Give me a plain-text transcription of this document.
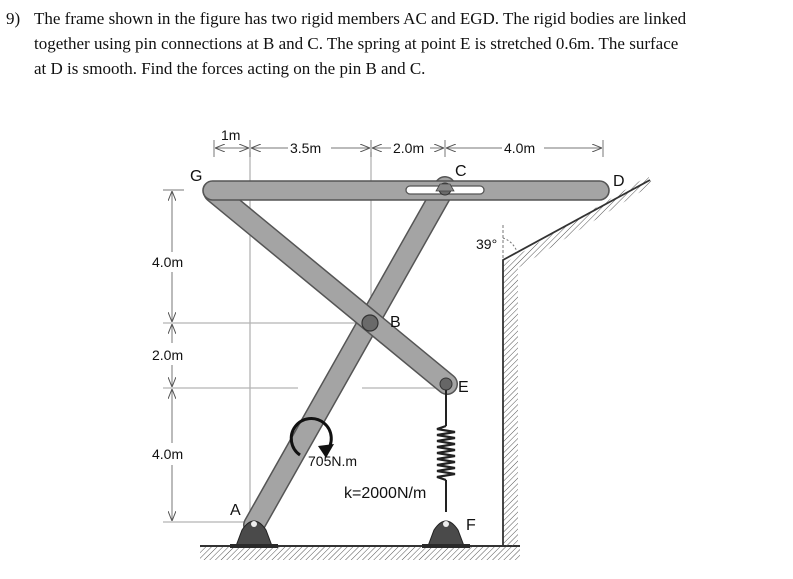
9) The frame shown in the figure has two rigid members AC and EGD. The rigid bodies are linked
together using pin connections at B and C. The spring at point E is stretched 0.6m. The surface
at D is smooth. Find the forces acting on the pin B and C.
1m
3.5m	2.0m	4.0m
4.0m
2.0m
4.0m
39°
705N.m
k=2000N/m
G	C
D
B
E
A
F
